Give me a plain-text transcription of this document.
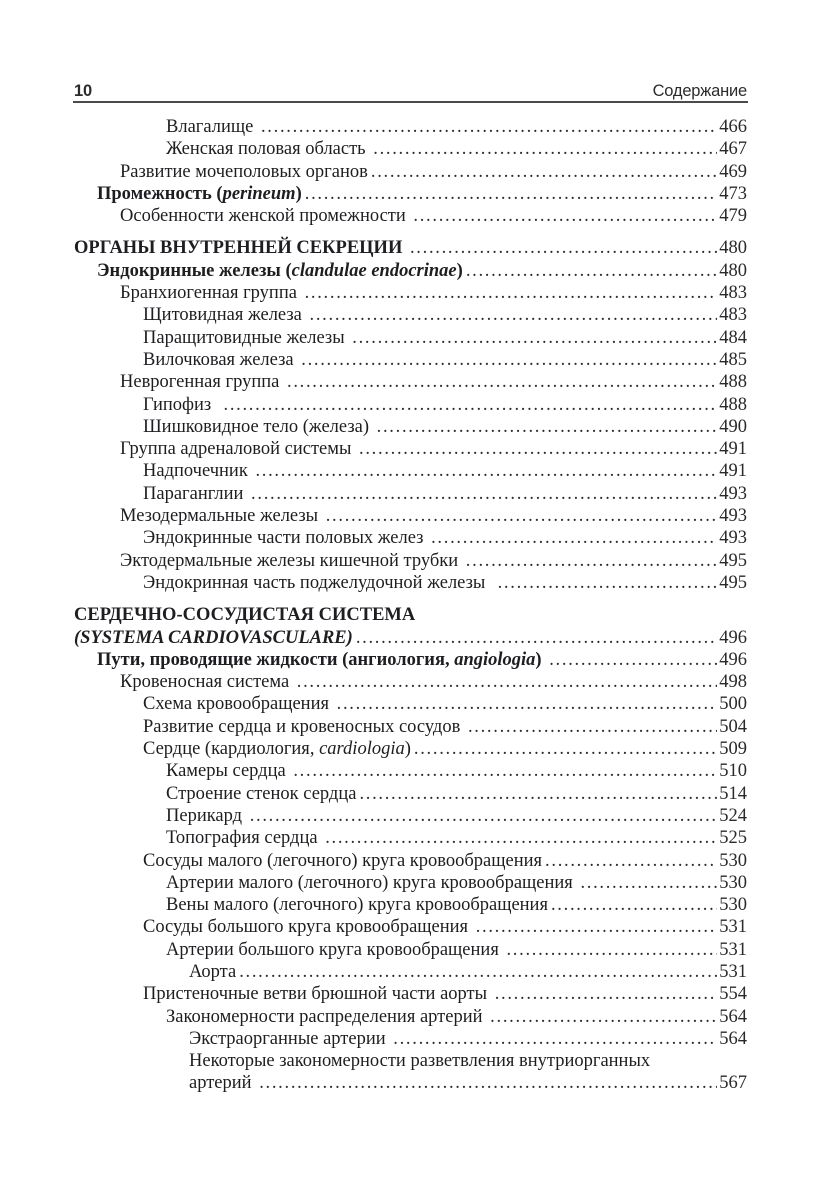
10	Содержание
Влагалище .....	466
Женская половая область .....	467
Развитие мочеполовых органов .....	469
Промежность (perineum) .....	473
Особенности женской промежности .....	479
ОРГАНЫ ВНУТРЕННЕЙ СЕКРЕЦИИ .....	480
Эндокринные железы (clandulae endocrinae) .....	480
Бранхиогенная группа .....	483
Щитовидная железа .....	483
Паращитовидные железы .....	484
Вилочковая железа .....	485
Неврогенная группа .....	488
Гипофиз .....	488
Шишковидное тело (железа) .....	490
Группа адреналовой системы .....	491
Надпочечник .....	491
Параганглии .....	493
Мезодермальные железы .....	493
Эндокринные части половых желез .....	493
Эктодермальные железы кишечной трубки .....	495
Эндокринная часть поджелудочной железы .....	495
СЕРДЕЧНО-СОСУДИСТАЯ СИСТЕМА
(SYSTEMA CARDIOVASCULARE) .....	496
Пути, проводящие жидкости (ангиология, angiologia) .....	496
Кровеносная система .....	498
Схема кровообращения .....	500
Развитие сердца и кровеносных сосудов .....	504
Сердце (кардиология, cardiologia) .....	509
Камеры сердца .....	510
Строение стенок сердца .....	514
Перикард .....	524
Топография сердца .....	525
Сосуды малого (легочного) круга кровообращения .....	530
Артерии малого (легочного) круга кровообращения .....	530
Вены малого (легочного) круга кровообращения .....	530
Сосуды большого круга кровообращения .....	531
Артерии большого круга кровообращения .....	531
Аорта .....	531
Пристеночные ветви брюшной части аорты .....	554
Закономерности распределения артерий .....	564
Экстраорганные артерии .....	564
Некоторые закономерности разветвления внутриорганных
артерий .....	567
